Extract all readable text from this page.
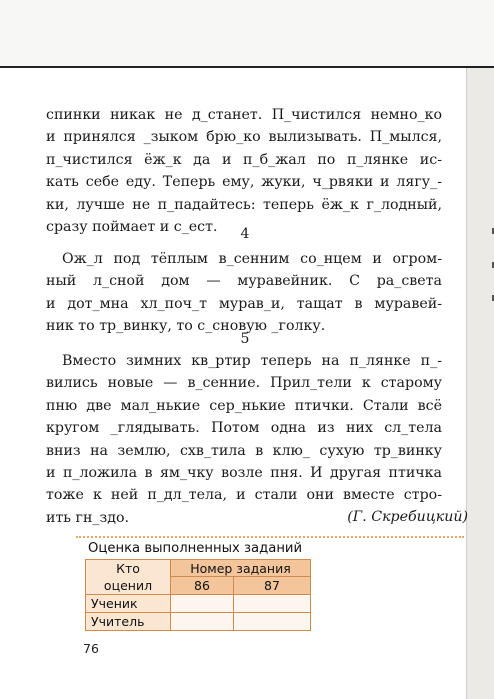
спинки никак не д_станет. П_чистился немно_ко
и принялся _зыком брю_ко вылизывать. П_мылся,
п_чистился ёж_к да и п_б_жал по п_лянке ис-
кать себе еду. Теперь ему, жуки, ч_рвяки и лягу_-
ки, лучше не п_падайтесь: теперь ёж_к г_лодный,
сразу поймает и с_ест.	4
Ож_л под тёплым в_сенним со_нцем и огром-
ный л_сной дом — муравейник. С ра_света
и дот_мна хл_поч_т мурав_и, тащат в муравей-
ник то тр_винку, то с_сновую _голку.
5
Вместо зимних кв_ртир теперь на п_лянке п_-
вились новые — в_сенние. Прил_тели к старому
пню две мал_нькие сер_нькие птички. Стали всё
кругом _глядывать. Потом одна из них сл_тела
вниз на землю, схв_тила в клю_ сухую тр_винку
и п_ложила в ям_чку возле пня. И другая птичка
тоже к ней п_дл_тела, и стали они вместе стро-
ить гн_здо.	(Г. Скребицкий)
Оценка выполненных заданий
Кто
оценил	Номер задания	
	86	87
Ученик		
Учитель		
76
